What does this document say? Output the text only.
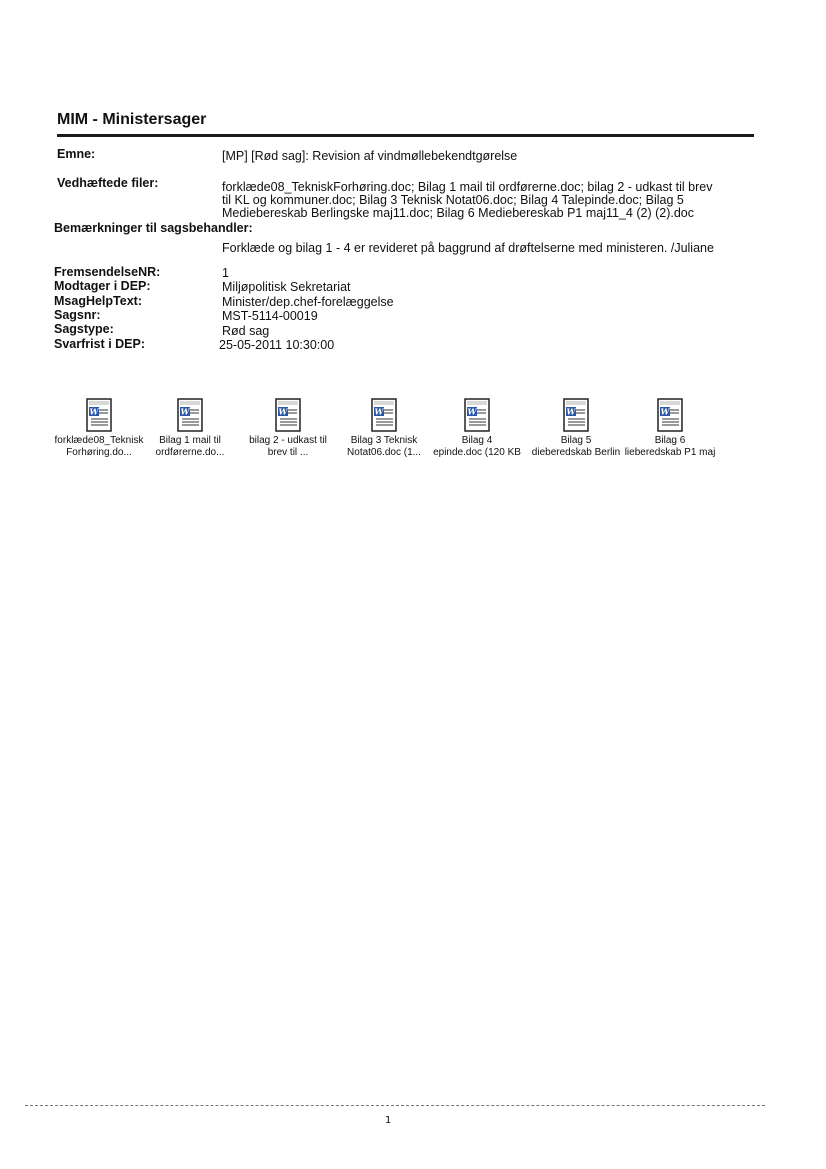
MIM - Ministersager
Emne:	[MP] [Rød sag]: Revision af vindmøllebekendtgørelse
Vedhæftede filer:	forklæde08_TekniskForhøring.doc; Bilag 1 mail til ordførerne.doc; bilag 2 - udkast til brev
til KL og kommuner.doc; Bilag 3 Teknisk Notat06.doc; Bilag 4 Talepinde.doc; Bilag 5
Mediebereskab Berlingske maj11.doc; Bilag 6 Mediebereskab P1 maj11_4 (2) (2).doc
Bemærkninger til sagsbehandler:
Forklæde og bilag 1 - 4 er revideret på baggrund af drøftelserne med ministeren. /Juliane
FremsendelseNR:	1
Modtager i DEP:	Miljøpolitisk Sekretariat
MsagHelpText:	Minister/dep.chef-forelæggelse
Sagsnr:	MST-5114-00019
Sagstype:	Rød sag
Svarfrist i DEP:	25-05-2011 10:30:00
W
forklæde08_Teknisk
Forhøring.do...
W
Bilag 1 mail til
ordførerne.do...
W
bilag 2 - udkast til
brev til ...
W
Bilag 3 Teknisk
Notat06.doc (1...
W
Bilag 4
epinde.doc (120 KB
W
Bilag 5
dieberedskab Berlin
W
Bilag 6
lieberedskab P1 maj
1
